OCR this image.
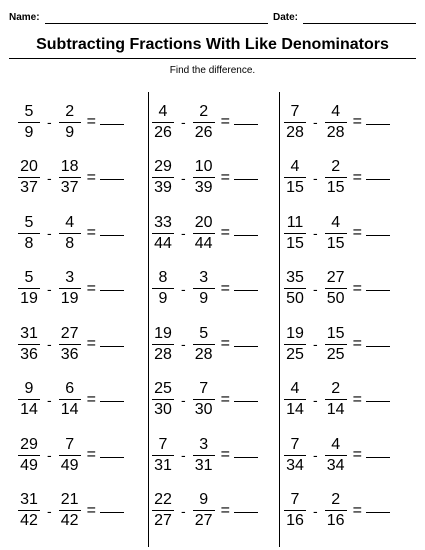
Name:	Date:
Subtracting Fractions With Like Denominators
Find the difference.
$\frac{5}{9} - \frac{2}{9}$ =
$\frac{20}{37} - \frac{18}{37}$ =
$\frac{5}{8} - \frac{4}{8}$ =
$\frac{5}{19} - \frac{3}{19}$ =
$\frac{31}{36} - \frac{27}{36}$ =
$\frac{9}{14} - \frac{6}{14}$ =
$\frac{29}{49} - \frac{7}{49}$ =
$\frac{31}{42} - \frac{21}{42}$ =
$\frac{4}{26} - \frac{2}{26}$ =
$\frac{29}{39} - \frac{10}{39}$ =
$\frac{33}{44} - \frac{20}{44}$ =
$\frac{8}{9} - \frac{3}{9}$ =
$\frac{19}{28} - \frac{5}{28}$ =
$\frac{25}{30} - \frac{7}{30}$ =
$\frac{7}{31} - \frac{3}{31}$ =
$\frac{22}{27} - \frac{9}{27}$ =
$\frac{7}{28} - \frac{4}{28}$ =
$\frac{4}{15} - \frac{2}{15}$ =
$\frac{11}{15} - \frac{4}{15}$ =
$\frac{35}{50} - \frac{27}{50}$ =
$\frac{19}{25} - \frac{15}{25}$ =
$\frac{4}{14} - \frac{2}{14}$ =
$\frac{7}{34} - \frac{4}{34}$ =
$\frac{7}{16} - \frac{2}{16}$ =
